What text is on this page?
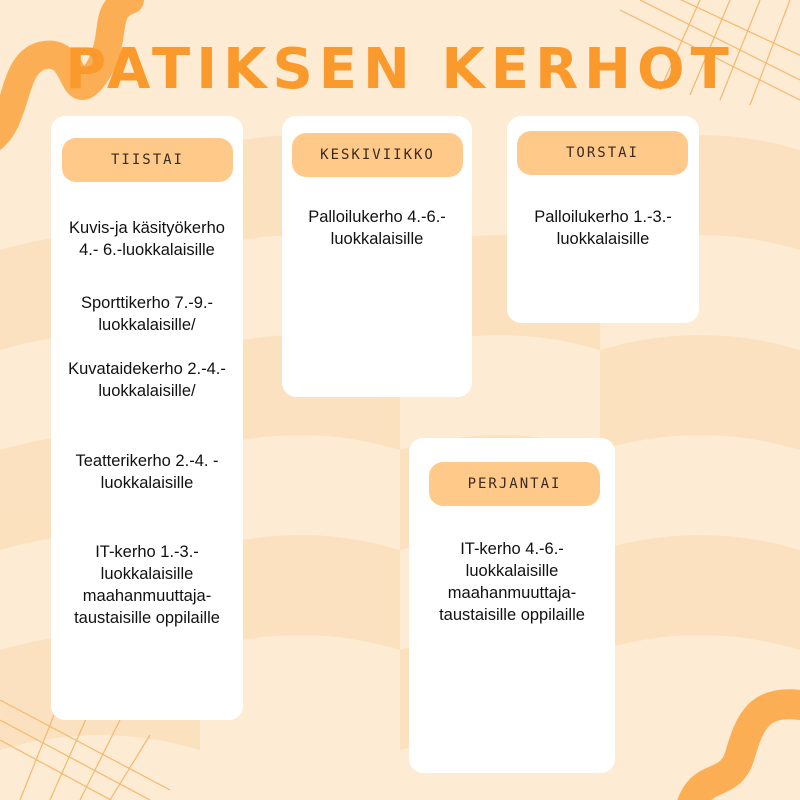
PATIKSEN KERHOT
TIISTAI
Kuvis-ja käsityökerho
4.- 6.-luokkalaisille
Sporttikerho 7.-9.-
luokkalaisille/
Kuvataidekerho 2.-4.-
luokkalaisille/
Teatterikerho 2.-4. -
luokkalaisille
IT-kerho 1.-3.-
luokkalaisille
maahanmuuttaja-
taustaisille oppilaille
KESKIVIIKKO
Palloilukerho 4.-6.-
luokkalaisille
TORSTAI
Palloilukerho 1.-3.-
luokkalaisille
PERJANTAI
IT-kerho 4.-6.-
luokkalaisille
maahanmuuttaja-
taustaisille oppilaille
